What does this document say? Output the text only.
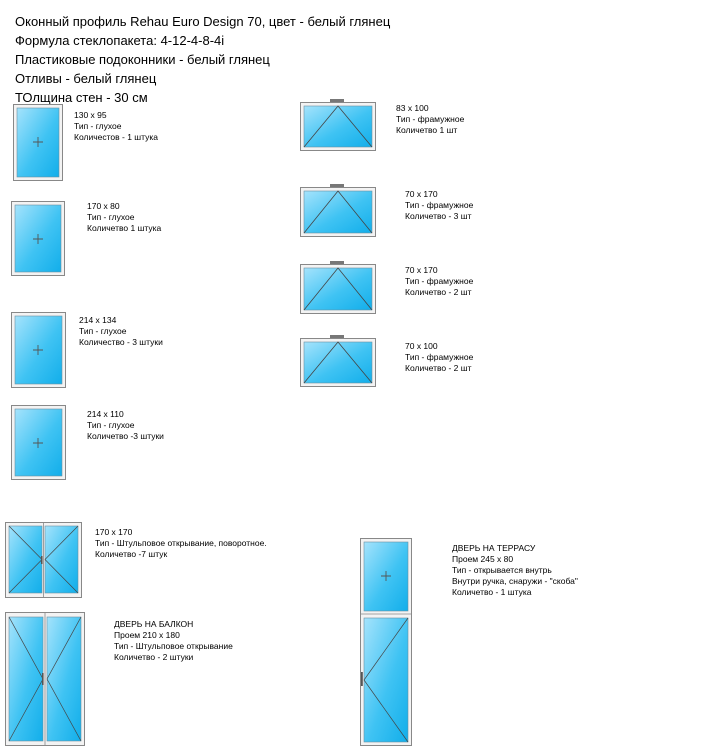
Оконный профиль Rehau Euro Design 70, цвет - белый глянец
Формула стеклопакета: 4-12-4-8-4i
Пластиковые подоконники - белый глянец
Отливы - белый глянец
ТОлщина стен - 30 см
130 x 95
Тип - глухое
Количестов - 1 штука
170 x 80
Тип - глухое
Количетво 1 штука
214 x 134
Тип - глухое
Количество - 3 штуки
214 x 110
Тип - глухое
Количетво -3 штуки
83 x 100
Тип - фрамужное
Количетво 1 шт
70 x 170
Тип - фрамужное
Количетво - 3 шт
70 x 170
Тип - фрамужное
Количетво - 2 шт
70 x 100
Тип - фрамужное
Количетво - 2 шт
170 x 170
Тип - Штульповое открывание, поворотное.
Количетво -7 штук
ДВЕРЬ НА БАЛКОН
Проем 210 х 180
Тип - Штульповое открывание
Количетво - 2 штуки
ДВЕРЬ НА ТЕРРАСУ
Проем 245 х 80
Тип - открывается внутрь
Внутри ручка, снаружи - "скоба"
Количетво - 1 штука
